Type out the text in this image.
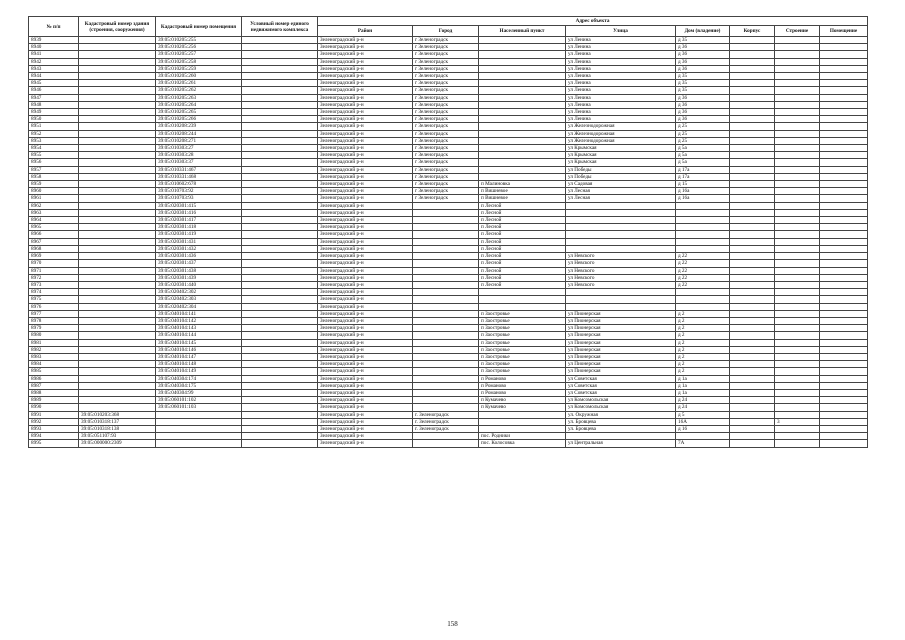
№ п/п	Кадастровый номер здания (строения, сооружения)	Кадастровый номер помещения	Условный номер единого недвижимого комплекса	Адрес объекта							
				Район	Город	Населенный пункт	Улица	Дом (владение)	Корпус	Строение	Помещение
8939		39:05:010205:255		Зеленоградский р-н	г Зеленоградск		ул Ленина	д 35			
8940		39:05:010205:256		Зеленоградский р-н	г Зеленоградск		ул Ленина	д 36			
8941		39:05:010205:257		Зеленоградский р-н	г Зеленоградск		ул Ленина	д 36			
8942		39:05:010205:258		Зеленоградский р-н	г Зеленоградск		ул Ленина	д 36			
8943		39:05:010205:259		Зеленоградский р-н	г Зеленоградск		ул Ленина	д 36			
8944		39:05:010205:260		Зеленоградский р-н	г Зеленоградск		ул Ленина	д 35			
8945		39:05:010205:261		Зеленоградский р-н	г Зеленоградск		ул Ленина	д 35			
8946		39:05:010205:262		Зеленоградский р-н	г Зеленоградск		ул Ленина	д 35			
8947		39:05:010205:263		Зеленоградский р-н	г Зеленоградск		ул Ленина	д 36			
8948		39:05:010205:264		Зеленоградский р-н	г Зеленоградск		ул Ленина	д 36			
8949		39:05:010205:265		Зеленоградский р-н	г Зеленоградск		ул Ленина	д 36			
8950		39:05:010205:266		Зеленоградский р-н	г Зеленоградск		ул Ленина	д 36			
8951		39:05:010208:239		Зеленоградский р-н	г Зеленоградск		ул Железнодорожная	д 25			
8952		39:05:010208:244		Зеленоградский р-н	г Зеленоградск		ул Железнодорожная	д 25			
8953		39:05:010208:271		Зеленоградский р-н	г Зеленоградск		ул Железнодорожная	д 25			
8954		39:05:010303:27		Зеленоградский р-н	г Зеленоградск		ул Крымская	д 5а			
8955		39:05:010303:28		Зеленоградский р-н	г Зеленоградск		ул Крымская	д 5а			
8956		39:05:010303:37		Зеленоградский р-н	г Зеленоградск		ул Крымская	д 5а			
8957		39:05:010331:467		Зеленоградский р-н	г Зеленоградск		ул Победы	д 17а			
8958		39:05:010331:468		Зеленоградский р-н	г Зеленоградск		ул Победы	д 17а			
8959		39:05:010602:678		Зеленоградский р-н	г Зеленоградск	п Малиновка	ул Садовая	д 15			
8960		39:05:010703:92		Зеленоградский р-н	г Зеленоградск	п Вишневое	ул Лесная	д 16а			
8961		39:05:010703:93		Зеленоградский р-н	г Зеленоградск	п Вишневое	ул Лесная	д 16а			
8962		39:05:020301:415		Зеленоградский р-н		п Лесной					
8963		39:05:020301:416		Зеленоградский р-н		п Лесной					
8964		39:05:020301:417		Зеленоградский р-н		п Лесной					
8965		39:05:020301:418		Зеленоградский р-н		п Лесной					
8966		39:05:020301:419		Зеленоградский р-н		п Лесной					
8967		39:05:020301:431		Зеленоградский р-н		п Лесной					
8968		39:05:020301:432		Зеленоградский р-н		п Лесной					
8969		39:05:020301:436		Зеленоградский р-н		п Лесной	ул Невского	д 22			
8970		39:05:020301:437		Зеленоградский р-н		п Лесной	ул Невского	д 22			
8971		39:05:020301:438		Зеленоградский р-н		п Лесной	ул Невского	д 22			
8972		39:05:020301:439		Зеленоградский р-н		п Лесной	ул Невского	д 22			
8973		39:05:020301:440		Зеленоградский р-н		п Лесной	ул Невского	д 22			
8974		39:05:020402:302		Зеленоградский р-н							
8975		39:05:020402:303		Зеленоградский р-н							
8976		39:05:020402:304		Зеленоградский р-н							
8977		39:05:040104:141		Зеленоградский р-н		п Заостровье	ул Пионерская	д 2			
8978		39:05:040104:142		Зеленоградский р-н		п Заостровье	ул Пионерская	д 2			
8979		39:05:040104:143		Зеленоградский р-н		п Заостровье	ул Пионерская	д 2			
8980		39:05:040104:144		Зеленоградский р-н		п Заостровье	ул Пионерская	д 2			
8981		39:05:040104:145		Зеленоградский р-н		п Заостровье	ул Пионерская	д 2			
8982		39:05:040104:146		Зеленоградский р-н		п Заостровье	ул Пионерская	д 2			
8983		39:05:040104:147		Зеленоградский р-н		п Заостровье	ул Пионерская	д 2			
8984		39:05:040104:148		Зеленоградский р-н		п Заостровье	ул Пионерская	д 2			
8985		39:05:040104:149		Зеленоградский р-н		п Заостровье	ул Пионерская	д 2			
8986		39:05:040304:174		Зеленоградский р-н		п Романово	ул Советская	д 1а			
8987		39:05:040304:175		Зеленоградский р-н		п Романово	ул Советская	д 1а			
8988		39:05:040304:99		Зеленоградский р-н		п Романово	ул Советская	д 1а			
8989		39:05:060101:102		Зеленоградский р-н		п Кумачево	ул Комсомольская	д 24			
8990		39:05:060101:103		Зеленоградский р-н		п Кумачево	ул Комсомольская	д 24			
8991	39:05:010203:368			Зеленоградский р-н	г. Зеленоградск		ул. Окружная	д 5			
8992	39:05:010318:137			Зеленоградский р-н	г. Зеленоградск		ул. Бровцева	16А		3	
8993	39:05:010318:138			Зеленоградский р-н	г. Зеленоградск		ул. Бровцева	д 16			
8994	39:05:051107:93			Зеленоградский р-н		пос. Родники					
8995	39:05:000000:2309			Зеленоградский р-н		пос. Колосовка	ул Центральная	7А			
158
